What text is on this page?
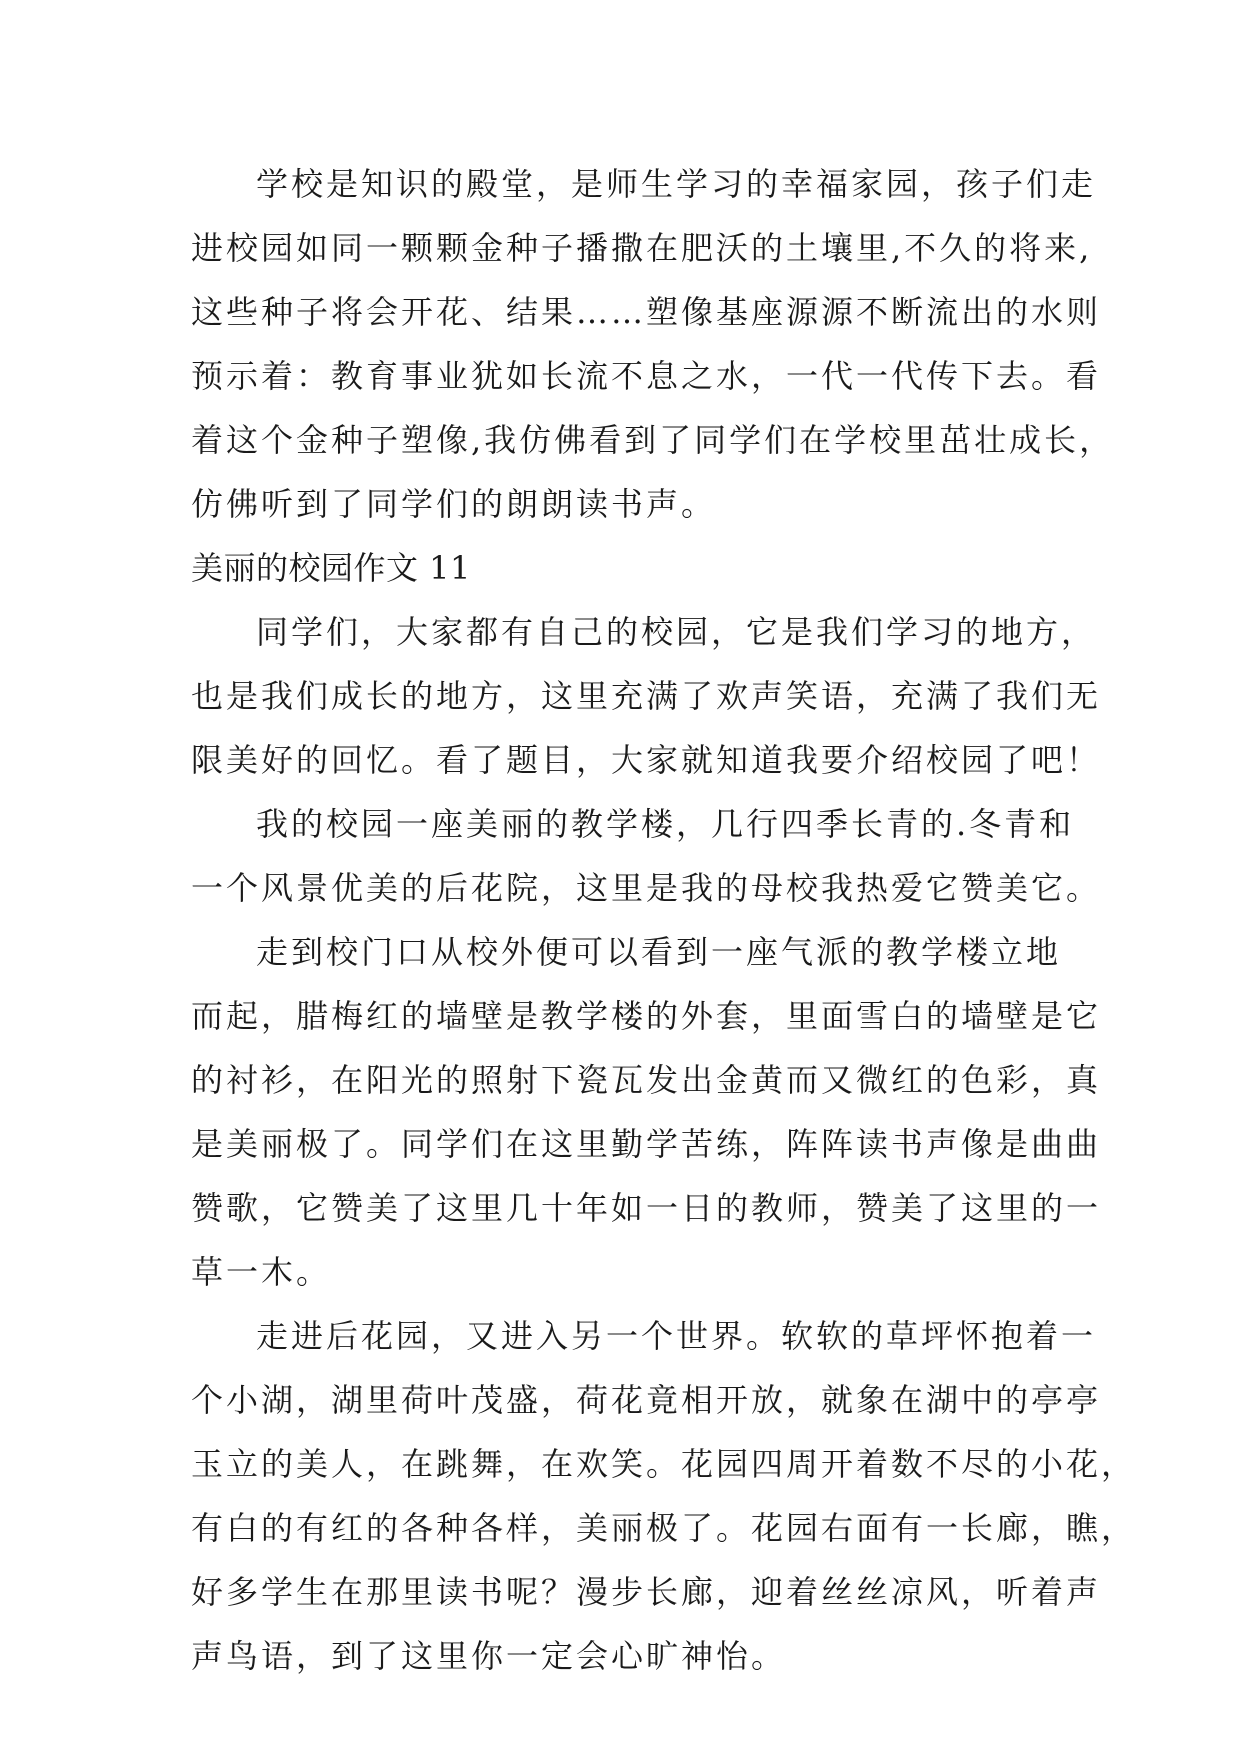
学校是知识的殿堂，是师生学习的幸福家园，孩子们走

进校园如同一颗颗金种子播撒在肥沃的土壤里,不久的将来,

这些种子将会开花、结果……塑像基座源源不断流出的水则

预示着：教育事业犹如长流不息之水，一代一代传下去。看

着这个金种子塑像,我仿佛看到了同学们在学校里茁壮成长，

仿佛听到了同学们的朗朗读书声。

美丽的校园作文 11

同学们，大家都有自己的校园，它是我们学习的地方，

也是我们成长的地方，这里充满了欢声笑语，充满了我们无

限美好的回忆。看了题目，大家就知道我要介绍校园了吧！

我的校园一座美丽的教学楼，几行四季长青的.冬青和

一个风景优美的后花院，这里是我的母校我热爱它赞美它。

走到校门口从校外便可以看到一座气派的教学楼立地

而起，腊梅红的墙壁是教学楼的外套，里面雪白的墙壁是它

的衬衫，在阳光的照射下瓷瓦发出金黄而又微红的色彩，真

是美丽极了。同学们在这里勤学苦练，阵阵读书声像是曲曲

赞歌，它赞美了这里几十年如一日的教师，赞美了这里的一

草一木。

走进后花园，又进入另一个世界。软软的草坪怀抱着一

个小湖，湖里荷叶茂盛，荷花竟相开放，就象在湖中的亭亭

玉立的美人，在跳舞，在欢笑。花园四周开着数不尽的小花，

有白的有红的各种各样，美丽极了。花园右面有一长廊，瞧，

好多学生在那里读书呢？漫步长廊，迎着丝丝凉风，听着声

声鸟语，到了这里你一定会心旷神怡。
